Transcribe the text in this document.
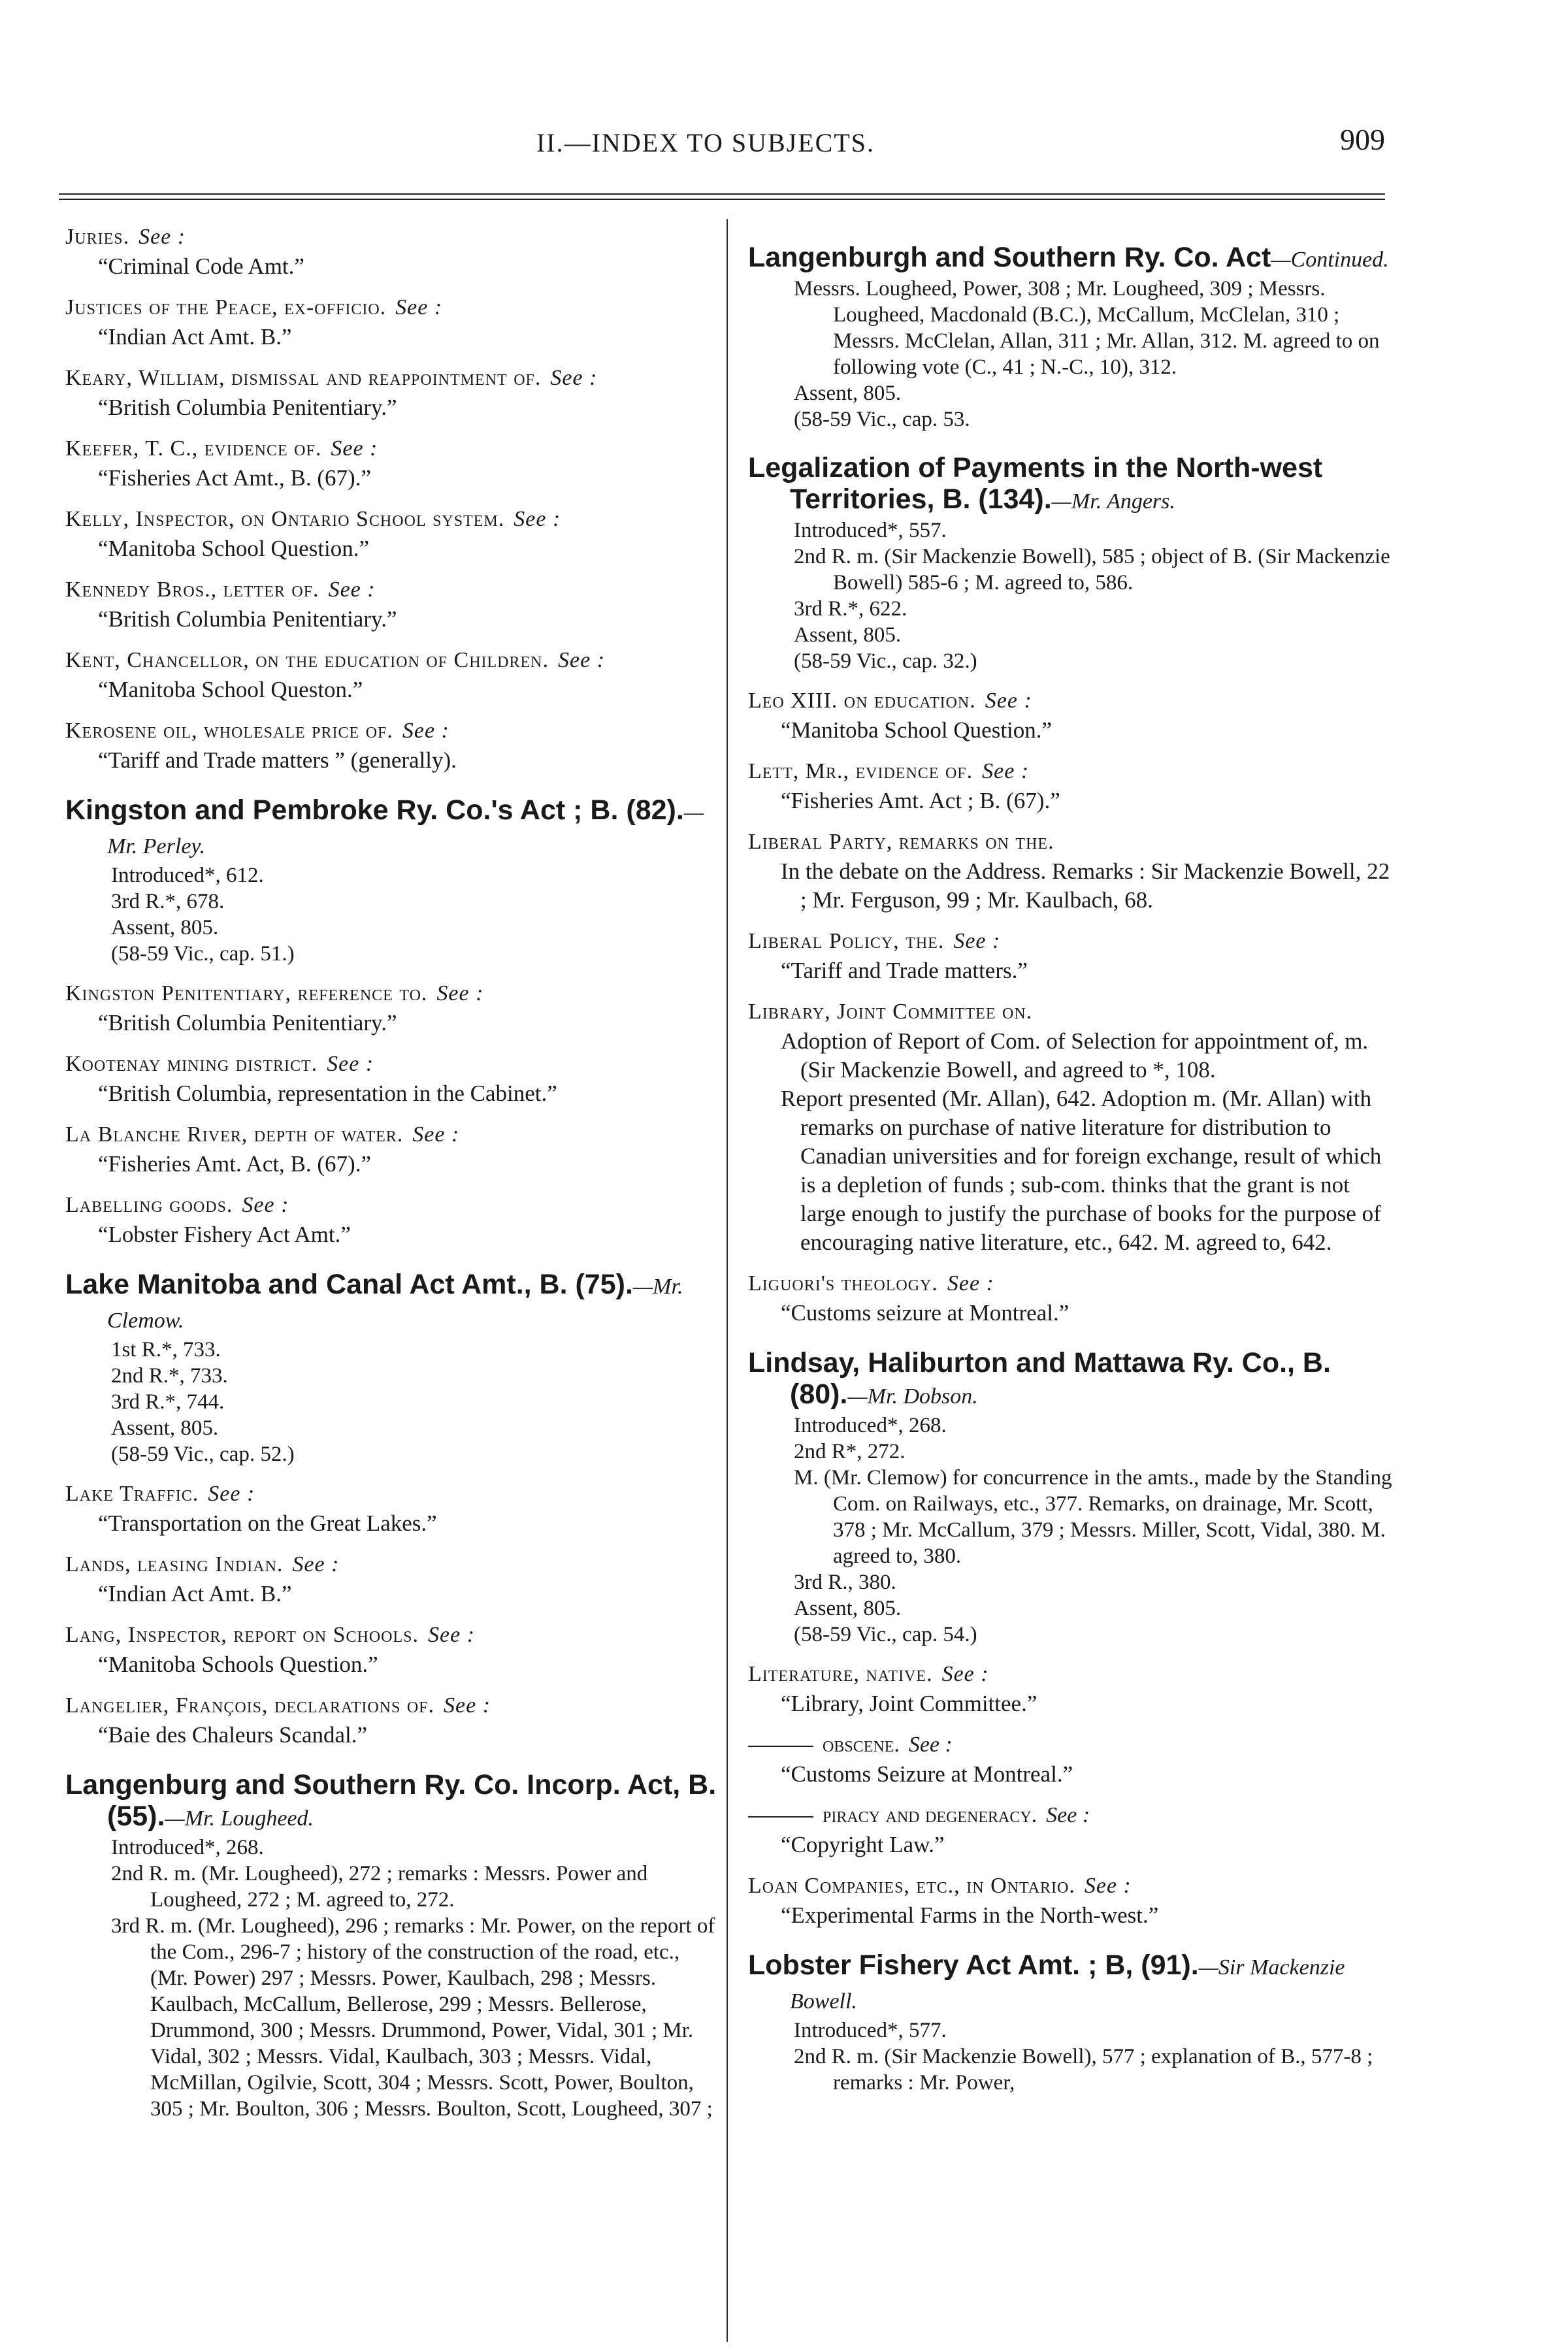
II.—INDEX TO SUBJECTS.	909
Juries. See :
“Criminal Code Amt.”
Justices of the Peace, ex-officio. See :
“Indian Act Amt. B.”
Keary, William, dismissal and reappointment of. See :
“British Columbia Penitentiary.”
Keefer, T. C., evidence of. See :
“Fisheries Act Amt., B. (67).”
Kelly, Inspector, on Ontario School system. See :
“Manitoba School Question.”
Kennedy Bros., letter of. See :
“British Columbia Penitentiary.”
Kent, Chancellor, on the education of Children. See :
“Manitoba School Queston.”
Kerosene oil, wholesale price of. See :
“Tariff and Trade matters ” (generally).
Kingston and Pembroke Ry. Co.'s Act ; B. (82).—Mr. Perley.
Introduced*, 612.
3rd R.*, 678.
Assent, 805.
(58-59 Vic., cap. 51.)
Kingston Penitentiary, reference to. See :
“British Columbia Penitentiary.”
Kootenay mining district. See :
“British Columbia, representation in the Cabinet.”
La Blanche River, depth of water. See :
“Fisheries Amt. Act, B. (67).”
Labelling goods. See :
“Lobster Fishery Act Amt.”
Lake Manitoba and Canal Act Amt., B. (75).—Mr. Clemow.
1st R.*, 733.
2nd R.*, 733.
3rd R.*, 744.
Assent, 805.
(58-59 Vic., cap. 52.)
Lake Traffic. See :
“Transportation on the Great Lakes.”
Lands, leasing Indian. See :
“Indian Act Amt. B.”
Lang, Inspector, report on Schools. See :
“Manitoba Schools Question.”
Langelier, François, declarations of. See :
“Baie des Chaleurs Scandal.”
Langenburg and Southern Ry. Co. Incorp. Act, B. (55).—Mr. Lougheed.
Introduced*, 268.
2nd R. m. (Mr. Lougheed), 272 ; remarks : Messrs. Power and Lougheed, 272 ; M. agreed to, 272.
3rd R. m. (Mr. Lougheed), 296 ; remarks : Mr. Power, on the report of the Com., 296-7 ; history of the construction of the road, etc., (Mr. Power) 297 ; Messrs. Power, Kaulbach, 298 ; Messrs. Kaulbach, McCallum, Bellerose, 299 ; Messrs. Bellerose, Drummond, 300 ; Messrs. Drummond, Power, Vidal, 301 ; Mr. Vidal, 302 ; Messrs. Vidal, Kaulbach, 303 ; Messrs. Vidal, McMillan, Ogilvie, Scott, 304 ; Messrs. Scott, Power, Boulton, 305 ; Mr. Boulton, 306 ; Messrs. Boulton, Scott, Lougheed, 307 ;
Langenburgh and Southern Ry. Co. Act—Continued.
Messrs. Lougheed, Power, 308 ; Mr. Lougheed, 309 ; Messrs. Lougheed, Macdonald (B.C.), McCallum, McClelan, 310 ; Messrs. McClelan, Allan, 311 ; Mr. Allan, 312. M. agreed to on following vote (C., 41 ; N.-C., 10), 312.
Assent, 805.
(58-59 Vic., cap. 53.
Legalization of Payments in the North-west Territories, B. (134).—Mr. Angers.
Introduced*, 557.
2nd R. m. (Sir Mackenzie Bowell), 585 ; object of B. (Sir Mackenzie Bowell) 585-6 ; M. agreed to, 586.
3rd R.*, 622.
Assent, 805.
(58-59 Vic., cap. 32.)
Leo XIII. on education. See :
“Manitoba School Question.”
Lett, Mr., evidence of. See :
“Fisheries Amt. Act ; B. (67).”
Liberal Party, remarks on the.
In the debate on the Address. Remarks : Sir Mackenzie Bowell, 22 ; Mr. Ferguson, 99 ; Mr. Kaulbach, 68.
Liberal Policy, the. See :
“Tariff and Trade matters.”
Library, Joint Committee on.
Adoption of Report of Com. of Selection for appointment of, m. (Sir Mackenzie Bowell, and agreed to *, 108.
Report presented (Mr. Allan), 642. Adoption m. (Mr. Allan) with remarks on purchase of native literature for distribution to Canadian universities and for foreign exchange, result of which is a depletion of funds ; sub-com. thinks that the grant is not large enough to justify the purchase of books for the purpose of encouraging native literature, etc., 642. M. agreed to, 642.
Liguori's theology. See :
“Customs seizure at Montreal.”
Lindsay, Haliburton and Mattawa Ry. Co., B. (80).—Mr. Dobson.
Introduced*, 268.
2nd R*, 272.
M. (Mr. Clemow) for concurrence in the amts., made by the Standing Com. on Railways, etc., 377. Remarks, on drainage, Mr. Scott, 378 ; Mr. McCallum, 379 ; Messrs. Miller, Scott, Vidal, 380. M. agreed to, 380.
3rd R., 380.
Assent, 805.
(58-59 Vic., cap. 54.)
Literature, native. See :
“Library, Joint Committee.”
obscene. See :
“Customs Seizure at Montreal.”
piracy and degeneracy. See :
“Copyright Law.”
Loan Companies, etc., in Ontario. See :
“Experimental Farms in the North-west.”
Lobster Fishery Act Amt. ; B, (91).—Sir Mackenzie Bowell.
Introduced*, 577.
2nd R. m. (Sir Mackenzie Bowell), 577 ; explanation of B., 577-8 ; remarks : Mr. Power,
